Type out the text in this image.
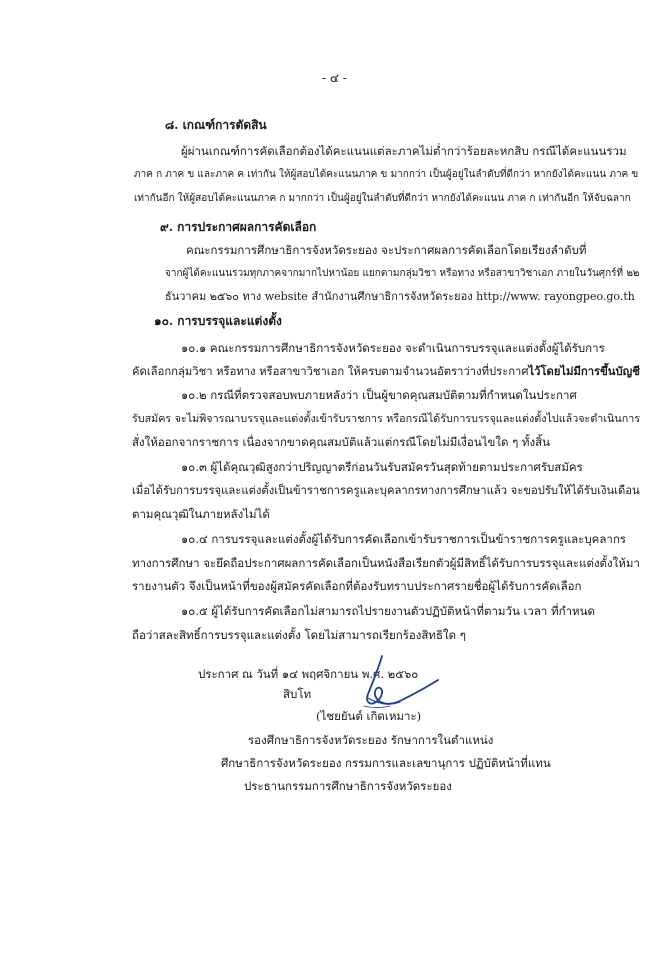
- ๔ -
๘. เกณฑ์การตัดสิน
ผู้ผ่านเกณฑ์การคัดเลือกต้องได้คะแนนแต่ละภาคไม่ต่ำกว่าร้อยละหกสิบ กรณีได้คะแนนรวม
ภาค ก ภาค ข และภาค ค เท่ากัน ให้ผู้สอบได้คะแนนภาค ข มากกว่า เป็นผู้อยู่ในลำดับที่ดีกว่า หากยังได้คะแนน ภาค ข
เท่ากันอีก ให้ผู้สอบได้คะแนนภาค ก มากกว่า เป็นผู้อยู่ในลำดับที่ดีกว่า หากยังได้คะแนน ภาค ก เท่ากันอีก ให้จับฉลาก
๙. การประกาศผลการคัดเลือก
คณะกรรมการศึกษาธิการจังหวัดระยอง จะประกาศผลการคัดเลือกโดยเรียงลำดับที่
จากผู้ได้คะแนนรวมทุกภาคจากมากไปหาน้อย แยกตามกลุ่มวิชา หรือทาง หรือสาขาวิชาเอก ภายในวันศุกร์ที่ ๒๒
ธันวาคม ๒๕๖๐ ทาง website สำนักงานศึกษาธิการจังหวัดระยอง http://www. rayongpeo.go.th
๑๐. การบรรจุและแต่งตั้ง
๑๐.๑ คณะกรรมการศึกษาธิการจังหวัดระยอง จะดำเนินการบรรจุและแต่งตั้งผู้ได้รับการ
คัดเลือกกลุ่มวิชา หรือทาง หรือสาขาวิชาเอก ให้ครบตามจำนวนอัตราว่างที่ประกาศไว้โดยไม่มีการขึ้นบัญชี
๑๐.๒ กรณีที่ตรวจสอบพบภายหลังว่า เป็นผู้ขาดคุณสมบัติตามที่กำหนดในประกาศ
รับสมัคร จะไม่พิจารณาบรรจุและแต่งตั้งเข้ารับราชการ หรือกรณีได้รับการบรรจุและแต่งตั้งไปแล้วจะดำเนินการ
สั่งให้ออกจากราชการ เนื่องจากขาดคุณสมบัติแล้วแต่กรณีโดยไม่มีเงื่อนไขใด ๆ ทั้งสิ้น
๑๐.๓ ผู้ได้คุณวุฒิสูงกว่าปริญญาตรีก่อนวันรับสมัครวันสุดท้ายตามประกาศรับสมัคร
เมื่อได้รับการบรรจุและแต่งตั้งเป็นข้าราชการครูและบุคลากรทางการศึกษาแล้ว จะขอปรับให้ได้รับเงินเดือน
ตามคุณวุฒิในภายหลังไม่ได้
๑๐.๔ การบรรจุและแต่งตั้งผู้ได้รับการคัดเลือกเข้ารับราชการเป็นข้าราชการครูและบุคลากร
ทางการศึกษา จะยึดถือประกาศผลการคัดเลือกเป็นหนังสือเรียกตัวผู้มีสิทธิ์ได้รับการบรรจุและแต่งตั้งให้มา
รายงานตัว จึงเป็นหน้าที่ของผู้สมัครคัดเลือกที่ต้องรับทราบประกาศรายชื่อผู้ได้รับการคัดเลือก
๑๐.๕ ผู้ได้รับการคัดเลือกไม่สามารถไปรายงานตัวปฏิบัติหน้าที่ตามวัน เวลา ที่กำหนด
ถือว่าสละสิทธิ์การบรรจุและแต่งตั้ง โดยไม่สามารถเรียกร้องสิทธิใด ๆ
ประกาศ ณ วันที่ ๑๔ พฤศจิกายน พ.ศ. ๒๕๖๐
สิบโท
(ไชยยันต์ เกิดเหมาะ)
รองศึกษาธิการจังหวัดระยอง รักษาการในตำแหน่ง
ศึกษาธิการจังหวัดระยอง กรรมการและเลขานุการ ปฏิบัติหน้าที่แทน
ประธานกรรมการศึกษาธิการจังหวัดระยอง
